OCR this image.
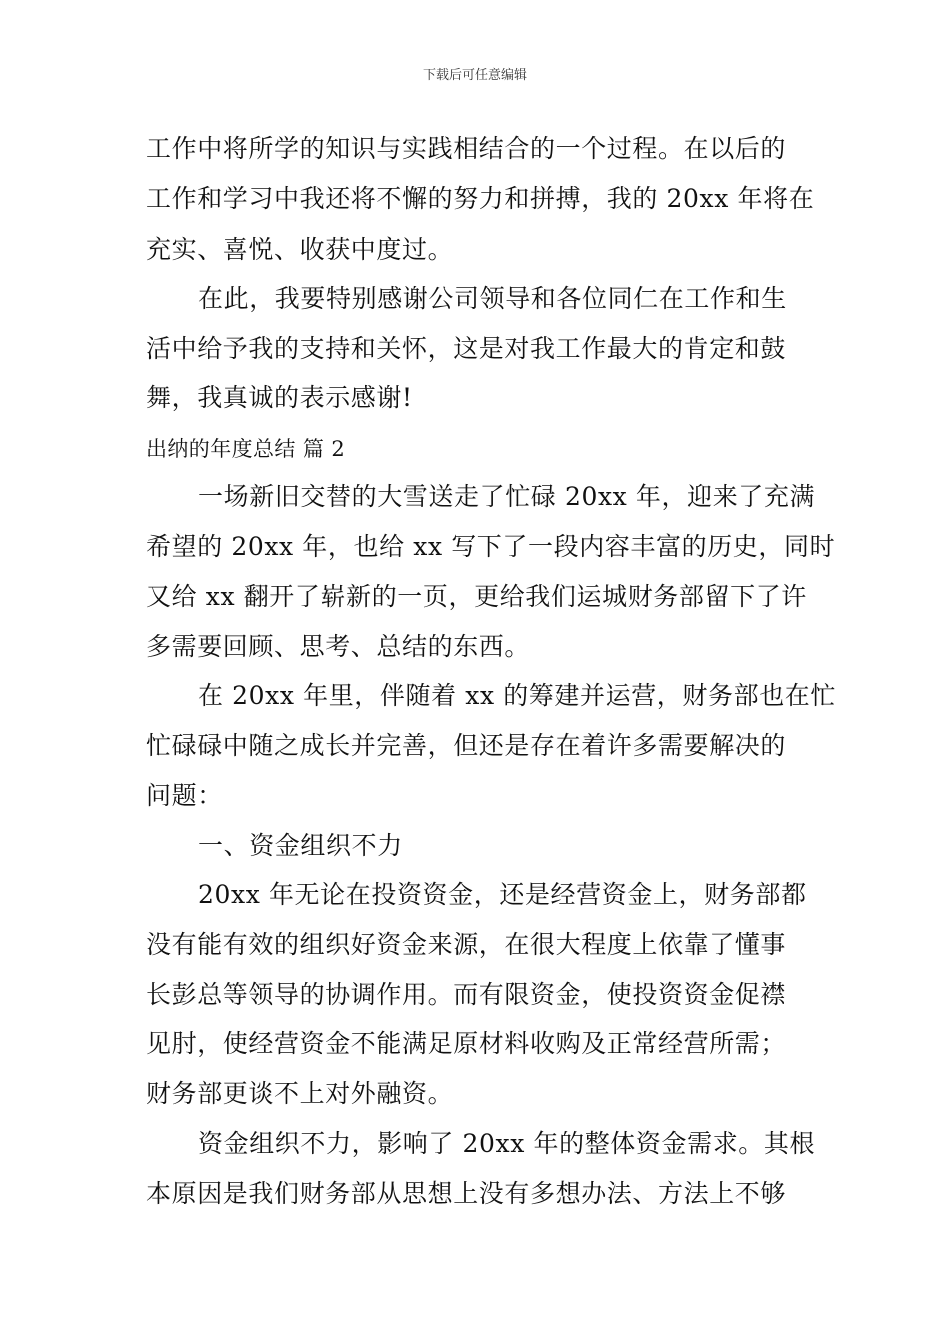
下载后可任意编辑
工作中将所学的知识与实践相结合的一个过程。在以后的
工作和学习中我还将不懈的努力和拼搏，我的 20xx 年将在
充实、喜悦、收获中度过。
在此，我要特别感谢公司领导和各位同仁在工作和生
活中给予我的支持和关怀，这是对我工作最大的肯定和鼓
舞，我真诚的表示感谢!
出纳的年度总结 篇 2
一场新旧交替的大雪送走了忙碌 20xx 年，迎来了充满
希望的 20xx 年，也给 xx 写下了一段内容丰富的历史，同时
又给 xx 翻开了崭新的一页，更给我们运城财务部留下了许
多需要回顾、思考、总结的东西。
在 20xx 年里，伴随着 xx 的筹建并运营，财务部也在忙
忙碌碌中随之成长并完善，但还是存在着许多需要解决的
问题：
一、资金组织不力
20xx 年无论在投资资金，还是经营资金上，财务部都
没有能有效的组织好资金来源，在很大程度上依靠了懂事
长彭总等领导的协调作用。而有限资金，使投资资金促襟
见肘，使经营资金不能满足原材料收购及正常经营所需；
财务部更谈不上对外融资。
资金组织不力，影响了 20xx 年的整体资金需求。其根
本原因是我们财务部从思想上没有多想办法、方法上不够
